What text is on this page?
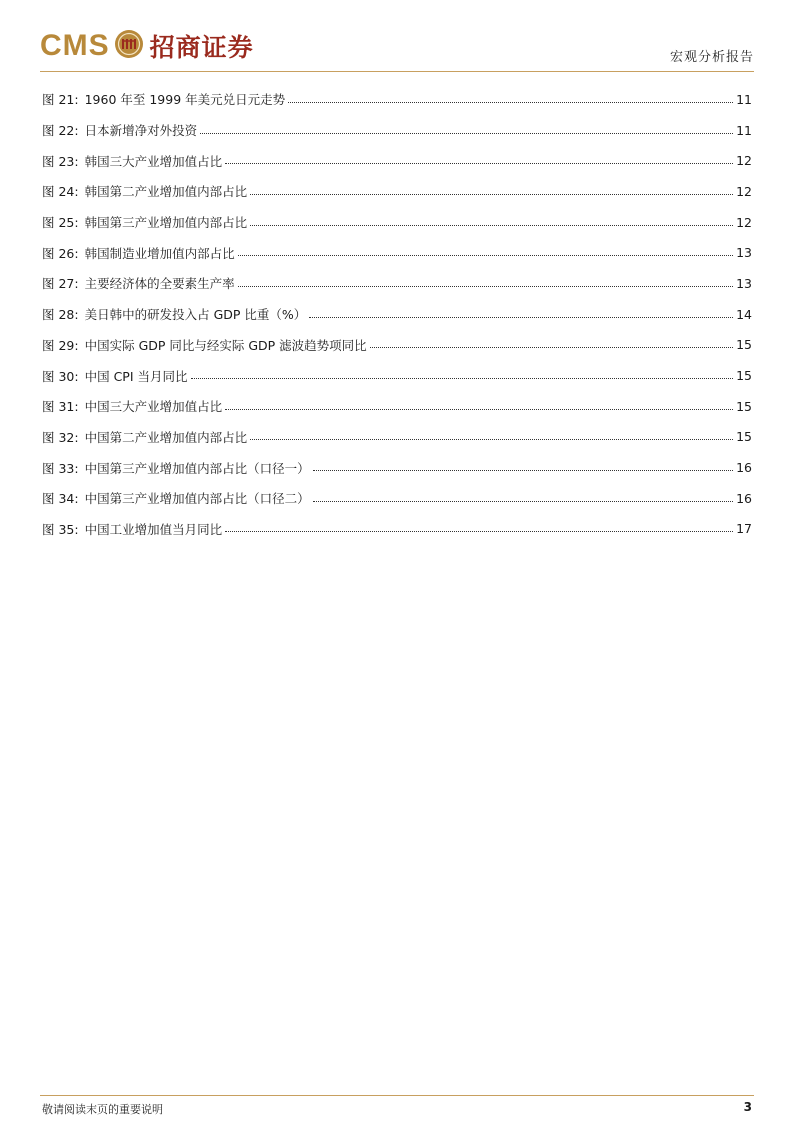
CMS 招商证券	宏观分析报告
图 21:
1960 年至 1999 年美元兑日元走势	11
图 22:
日本新增净对外投资	11
图 23:
韩国三大产业增加值占比	12
图 24:
韩国第二产业增加值内部占比	12
图 25:
韩国第三产业增加值内部占比	12
图 26:
韩国制造业增加值内部占比	13
图 27:
主要经济体的全要素生产率	13
图 28:
美日韩中的研发投入占 GDP 比重（%）	14
图 29:
中国实际 GDP 同比与经实际 GDP 滤波趋势项同比	15
图 30:
中国 CPI 当月同比	15
图 31:
中国三大产业增加值占比	15
图 32:
中国第二产业增加值内部占比	15
图 33:
中国第三产业增加值内部占比（口径一）	16
图 34:
中国第三产业增加值内部占比（口径二）	16
图 35:
中国工业增加值当月同比	17
敬请阅读末页的重要说明	3
